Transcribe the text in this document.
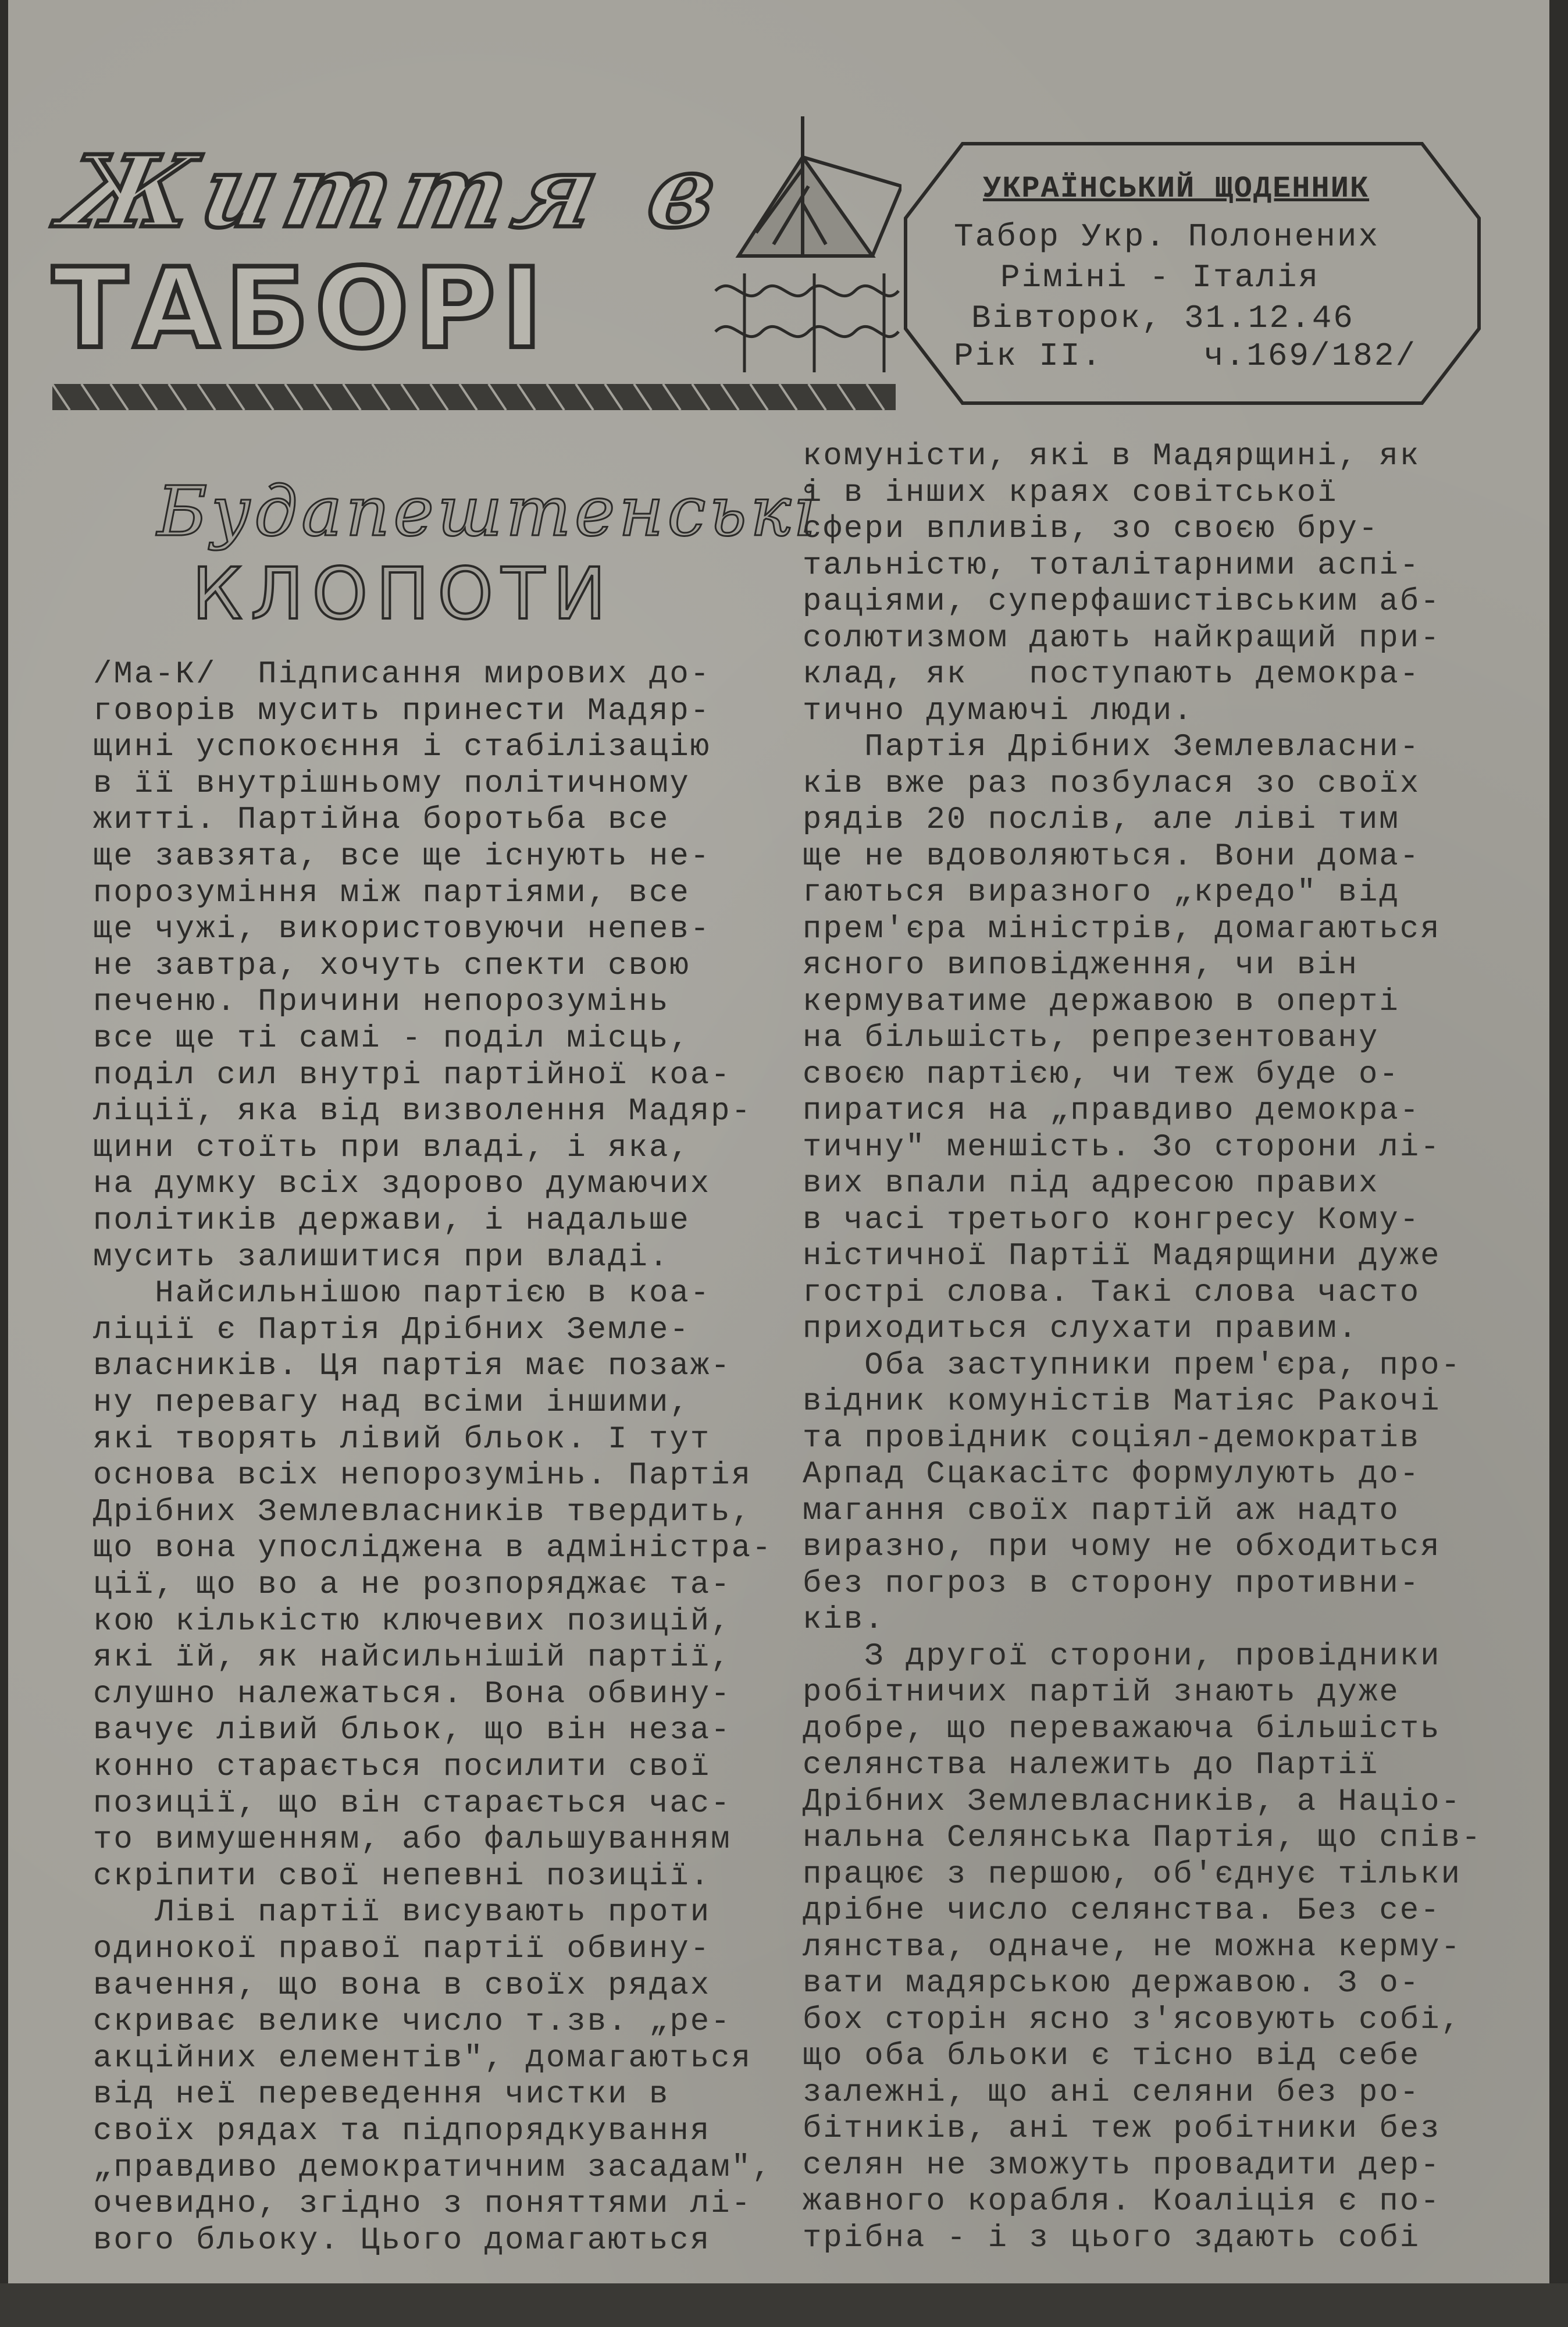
Життя в
ТАБОРІ
УКРАЇНСЬКИЙ ЩОДЕННИК
Табор Укр. Полонених
Ріміні - Італія
Вівторок, 31.12.46
Рік II.	ч.169/182/
Будапештенські
КЛОПОТИ
/Ма-К/  Підписання мирових до-
говорів мусить принести Мадяр-
щині успокоєння і стабілізацію
в її внутрішньому політичному
житті. Партійна боротьба все
ще завзята, все ще існують не-
порозуміння між партіями, все
ще чужі, використовуючи непев-
не завтра, хочуть спекти свою
печеню. Причини непорозумінь
все ще ті самі - поділ місць,
поділ сил внутрі партійної коа-
ліції, яка від визволення Мадяр-
щини стоїть при владі, і яка,
на думку всіх здорово думаючих
політиків держави, і надальше
мусить залишитися при владі.
Найсильнішою партією в коа-
ліції є Партія Дрібних Земле-
власників. Ця партія має позаж-
ну перевагу над всіми іншими,
які творять лівий бльок. І тут
основа всіх непорозумінь. Партія
Дрібних Землевласників твердить,
що вона упосліджена в адміністра-
ції, що во а не розпоряджає та-
кою кількістю ключевих позицій,
які їй, як найсильнішій партії,
слушно належаться. Вона обвину-
вачує лівий бльок, що він неза-
конно старається посилити свої
позиції, що він старається час-
то вимушенням, або фальшуванням
скріпити свої непевні позиції.
Ліві партії висувають проти
одинокої правої партії обвину-
вачення, що вона в своїх рядах
скриває велике число т.зв. „ре-
акційних елементів", домагаються
від неї переведення чистки в
своїх рядах та підпорядкування
„правдиво демократичним засадам",
очевидно, згідно з поняттями лі-
вого бльоку. Цього домагаються
комуністи, які в Мадярщині, як
і в інших краях совітської
сфери впливів, зо своєю бру-
тальністю, тоталітарними аспі-
раціями, суперфашистівським аб-
солютизмом дають найкращий при-
клад, як   поступають демокра-
тично думаючі люди.
Партія Дрібних Землевласни-
ків вже раз позбулася зо своїх
рядів 20 послів, але ліві тим
ще не вдоволяються. Вони дома-
гаються виразного „кредо" від
прем'єра міністрів, домагаються
ясного виповідження, чи він
кермуватиме державою в оперті
на більшість, репрезентовану
своєю партією, чи теж буде о-
пиратися на „правдиво демокра-
тичну" меншість. Зо сторони лі-
вих впали під адресою правих
в часі третього конгресу Кому-
ністичної Партії Мадярщини дуже
гострі слова. Такі слова часто
приходиться слухати правим.
Оба заступники прем'єра, про-
відник комуністів Матіяс Ракочі
та провідник соціял-демократів
Арпад Сцакасітс формулують до-
магання своїх партій аж надто
виразно, при чому не обходиться
без погроз в сторону противни-
ків.
З другої сторони, провідники
робітничих партій знають дуже
добре, що переважаюча більшість
селянства належить до Партії
Дрібних Землевласників, а Націо-
нальна Селянська Партія, що спів-
працює з першою, об'єднує тільки
дрібне число селянства. Без се-
лянства, одначе, не можна керму-
вати мадярською державою. З о-
бох сторін ясно з'ясовують собі,
що оба бльоки є тісно від себе
залежні, що ані селяни без ро-
бітників, ані теж робітники без
селян не зможуть провадити дер-
жавного корабля. Коаліція є по-
трібна - і з цього здають собі
